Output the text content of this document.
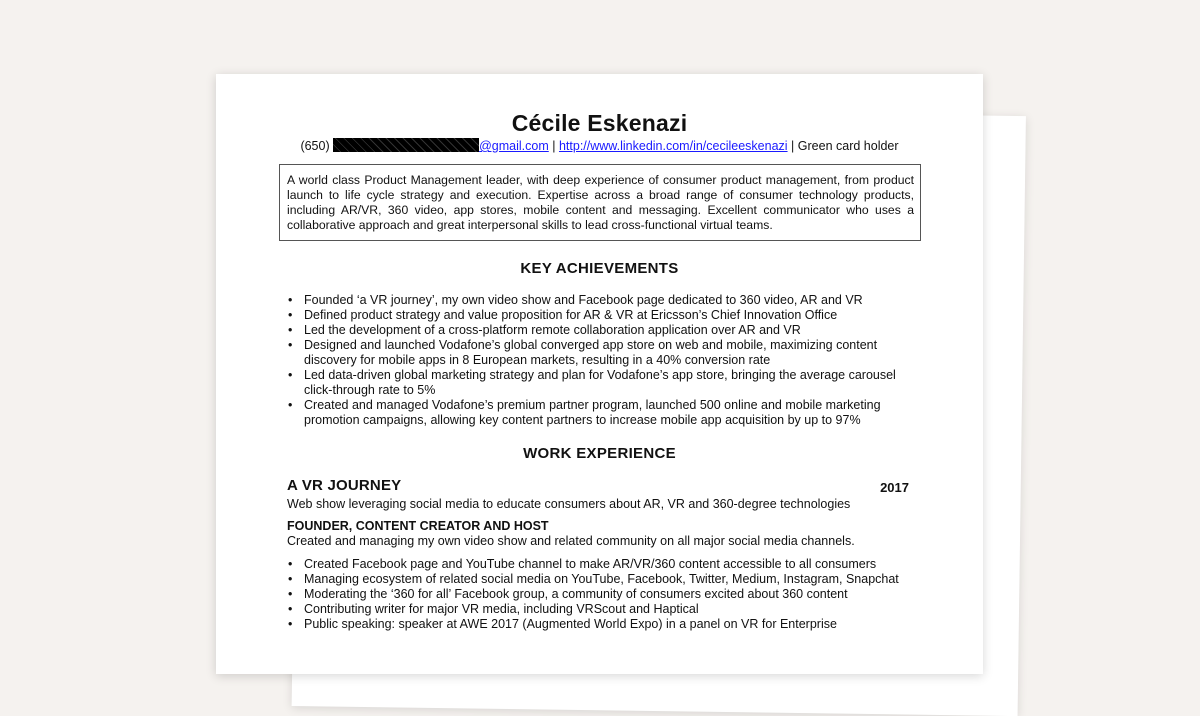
Cécile Eskenazi
(650)	@gmail.com | http://www.linkedin.com/in/cecileeskenazi | Green card holder
A world class Product Management leader, with deep experience of consumer product management, from product launch to life cycle strategy and execution. Expertise across a broad range of consumer technology products, including AR/VR, 360 video, app stores, mobile content and messaging. Excellent communicator who uses a collaborative approach and great interpersonal skills to lead cross-functional virtual teams.
KEY ACHIEVEMENTS
• Founded ‘a VR journey’, my own video show and Facebook page dedicated to 360 video, AR and VR
• Defined product strategy and value proposition for AR & VR at Ericsson’s Chief Innovation Office
• Led the development of a cross-platform remote collaboration application over AR and VR
• Designed and launched Vodafone’s global converged app store on web and mobile, maximizing content discovery for mobile apps in 8 European markets, resulting in a 40% conversion rate
• Led data-driven global marketing strategy and plan for Vodafone’s app store, bringing the average carousel click-through rate to 5%
• Created and managed Vodafone’s premium partner program, launched 500 online and mobile marketing promotion campaigns, allowing key content partners to increase mobile app acquisition by up to 97%
WORK EXPERIENCE
A VR JOURNEY	2017
Web show leveraging social media to educate consumers about AR, VR and 360-degree technologies
FOUNDER, CONTENT CREATOR AND HOST
Created and managing my own video show and related community on all major social media channels.
• Created Facebook page and YouTube channel to make AR/VR/360 content accessible to all consumers
• Managing ecosystem of related social media on YouTube, Facebook, Twitter, Medium, Instagram, Snapchat
• Moderating the ‘360 for all’ Facebook group, a community of consumers excited about 360 content
• Contributing writer for major VR media, including VRScout and Haptical
• Public speaking: speaker at AWE 2017 (Augmented World Expo) in a panel on VR for Enterprise
